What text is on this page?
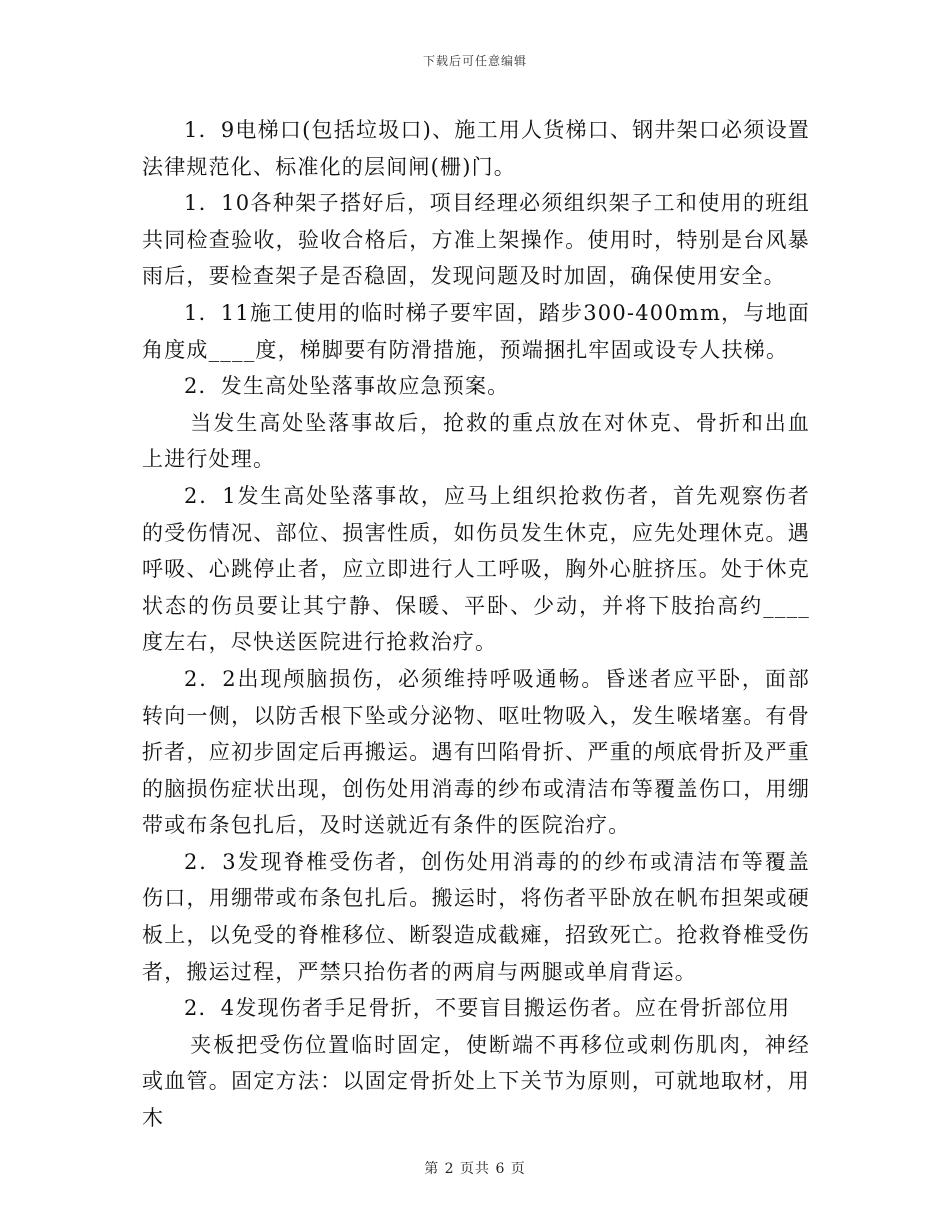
下载后可任意编辑

1．9电梯口(包括垃圾口)、施工用人货梯口、钢井架口必须设置法律规范化、标准化的层间闸(栅)门。

1．10各种架子搭好后，项目经理必须组织架子工和使用的班组共同检查验收，验收合格后，方准上架操作。使用时，特别是台风暴雨后，要检查架子是否稳固，发现问题及时加固，确保使用安全。

1．11施工使用的临时梯子要牢固，踏步300-400mm，与地面角度成____度，梯脚要有防滑措施，预端捆扎牢固或设专人扶梯。

2．发生高处坠落事故应急预案。

当发生高处坠落事故后，抢救的重点放在对休克、骨折和出血上进行处理。

2．1发生高处坠落事故，应马上组织抢救伤者，首先观察伤者的受伤情况、部位、损害性质，如伤员发生休克，应先处理休克。遇呼吸、心跳停止者，应立即进行人工呼吸，胸外心脏挤压。处于休克状态的伤员要让其宁静、保暖、平卧、少动，并将下肢抬高约____度左右，尽快送医院进行抢救治疗。

2．2出现颅脑损伤，必须维持呼吸通畅。昏迷者应平卧，面部转向一侧，以防舌根下坠或分泌物、呕吐物吸入，发生喉堵塞。有骨折者，应初步固定后再搬运。遇有凹陷骨折、严重的颅底骨折及严重的脑损伤症状出现，创伤处用消毒的纱布或清洁布等覆盖伤口，用绷带或布条包扎后，及时送就近有条件的医院治疗。

2．3发现脊椎受伤者，创伤处用消毒的的纱布或清洁布等覆盖伤口，用绷带或布条包扎后。搬运时，将伤者平卧放在帆布担架或硬板上，以免受的脊椎移位、断裂造成截瘫，招致死亡。抢救脊椎受伤者，搬运过程，严禁只抬伤者的两肩与两腿或单肩背运。

2．4发现伤者手足骨折，不要盲目搬运伤者。应在骨折部位用

夹板把受伤位置临时固定，使断端不再移位或刺伤肌肉，神经或血管。固定方法：以固定骨折处上下关节为原则，可就地取材，用木

第 2 页共 6 页
